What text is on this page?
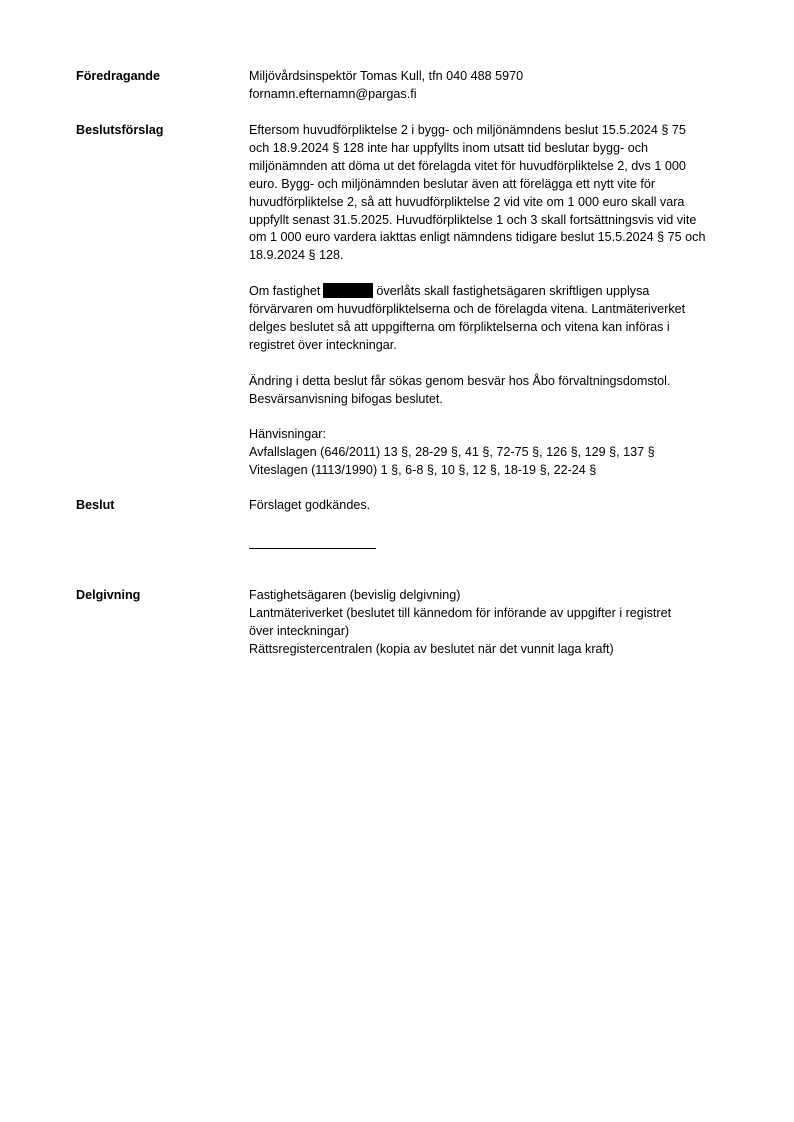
Föredragande	Miljövårdsinspektör Tomas Kull, tfn 040 488 5970
fornamn.efternamn@pargas.fi
Beslutsförslag	Eftersom huvudförpliktelse 2 i bygg- och miljönämndens beslut 15.5.2024 § 75
och 18.9.2024 § 128 inte har uppfyllts inom utsatt tid beslutar bygg- och
miljönämnden att döma ut det förelagda vitet för huvudförpliktelse 2, dvs 1 000
euro. Bygg- och miljönämnden beslutar även att förelägga ett nytt vite för
huvudförpliktelse 2, så att huvudförpliktelse 2 vid vite om 1 000 euro skall vara
uppfyllt senast 31.5.2025. Huvudförpliktelse 1 och 3 skall fortsättningsvis vid vite
om 1 000 euro vardera iakttas enligt nämndens tidigare beslut 15.5.2024 § 75 och
18.9.2024 § 128.
Om fastighet	överlåts skall fastighetsägaren skriftligen upplysa
förvärvaren om huvudförpliktelserna och de förelagda vitena. Lantmäteriverket
delges beslutet så att uppgifterna om förpliktelserna och vitena kan införas i
registret över inteckningar.
Ändring i detta beslut får sökas genom besvär hos Åbo förvaltningsdomstol.
Besvärsanvisning bifogas beslutet.
Hänvisningar:
Avfallslagen (646/2011) 13 §, 28-29 §, 41 §, 72-75 §, 126 §, 129 §, 137 §
Viteslagen (1113/1990) 1 §, 6-8 §, 10 §, 12 §, 18-19 §, 22-24 §
Beslut	Förslaget godkändes.
Delgivning	Fastighetsägaren (bevislig delgivning)
Lantmäteriverket (beslutet till kännedom för införande av uppgifter i registret
över inteckningar)
Rättsregistercentralen (kopia av beslutet när det vunnit laga kraft)
